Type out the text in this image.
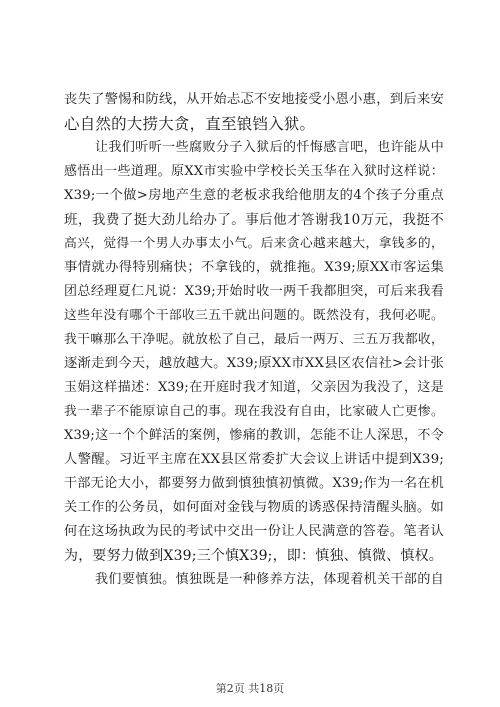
丧失了警惕和防线，从开始忐忑不安地接受小恩小惠，到后来安
心自然的大捞大贪，直至锒铛入狱。
让我们听听一些腐败分子入狱后的忏悔感言吧，也许能从中
感悟出一些道理。原XX市实验中学校长关玉华在入狱时这样说：
X39;一个做>房地产生意的老板求我给他朋友的4个孩子分重点
班，我费了挺大劲儿给办了。事后他才答谢我10万元，我挺不
高兴，觉得一个男人办事太小气。后来贪心越来越大，拿钱多的，
事情就办得特别痛快；不拿钱的，就推拖。X39;原XX市客运集
团总经理夏仁凡说：X39;开始时收一两千我都胆突，可后来我看
这些年没有哪个干部收三五千就出问题的。既然没有，我何必呢。
我干嘛那么干净呢。就放松了自己，最后一两万、三五万我都收，
逐渐走到今天，越放越大。X39;原XX市XX县区农信社>会计张
玉娟这样描述：X39;在开庭时我才知道，父亲因为我没了，这是
我一辈子不能原谅自己的事。现在我没有自由，比家破人亡更惨。
X39;这一个个鲜活的案例，惨痛的教训，怎能不让人深思，不令
人警醒。习近平主席在XX县区常委扩大会议上讲话中提到X39;
干部无论大小，都要努力做到慎独慎初慎微。X39;作为一名在机
关工作的公务员，如何面对金钱与物质的诱惑保持清醒头脑。如
何在这场执政为民的考试中交出一份让人民满意的答卷。笔者认
为，要努力做到X39;三个慎X39;，即：慎独、慎微、慎权。
我们要慎独。慎独既是一种修养方法，体现着机关干部的自
第2页 共18页
